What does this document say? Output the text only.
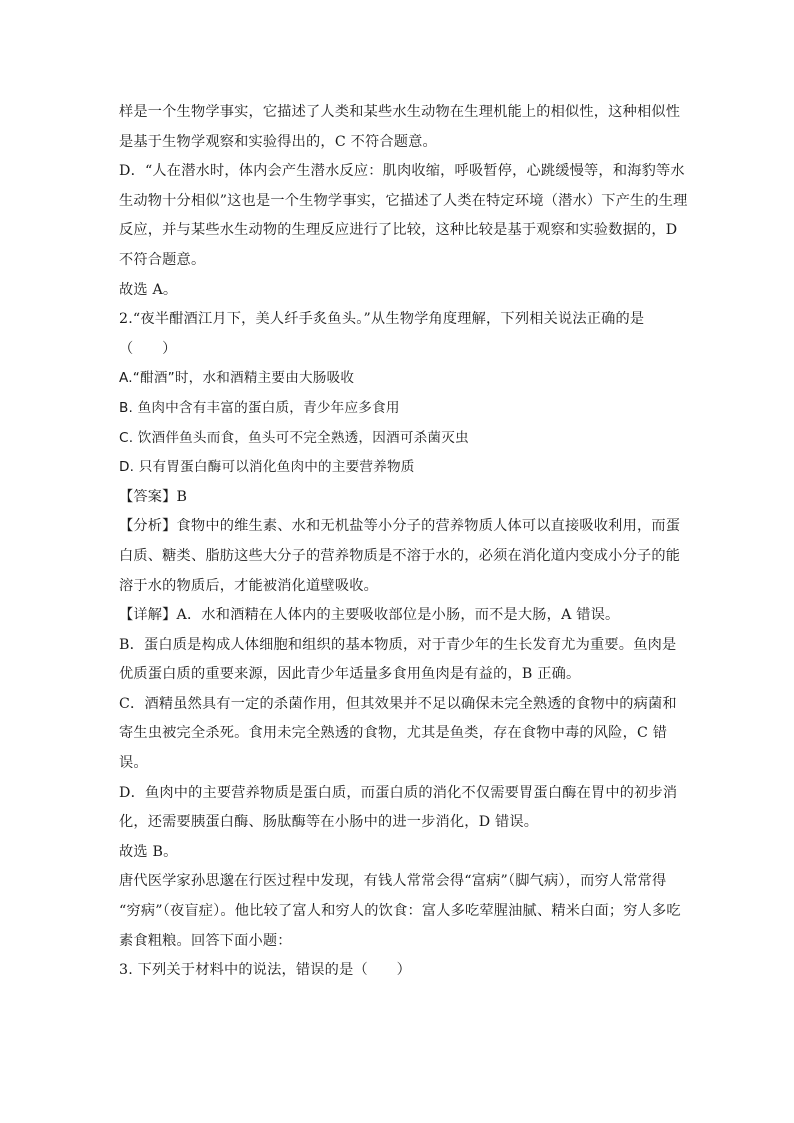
样是一个生物学事实，它描述了人类和某些水生动物在生理机能上的相似性，这种相似性
是基于生物学观察和实验得出的，C 不符合题意。
D．“人在潜水时，体内会产生潜水反应：肌肉收缩，呼吸暂停，心跳缓慢等，和海豹等水
生动物十分相似”这也是一个生物学事实，它描述了人类在特定环境（潜水）下产生的生理
反应，并与某些水生动物的生理反应进行了比较，这种比较是基于观察和实验数据的，D
不符合题意。
故选 A。
2.“夜半酣酒江月下，美人纤手炙鱼头。”从生物学角度理解，下列相关说法正确的是
（　　）
A.“酣酒”时，水和酒精主要由大肠吸收
B. 鱼肉中含有丰富的蛋白质，青少年应多食用
C. 饮酒伴鱼头而食，鱼头可不完全熟透，因酒可杀菌灭虫
D. 只有胃蛋白酶可以消化鱼肉中的主要营养物质
【答案】B
【分析】食物中的维生素、水和无机盐等小分子的营养物质人体可以直接吸收利用，而蛋
白质、糖类、脂肪这些大分子的营养物质是不溶于水的，必须在消化道内变成小分子的能
溶于水的物质后，才能被消化道壁吸收。
【详解】A．水和酒精在人体内的主要吸收部位是小肠，而不是大肠，A 错误。
B．蛋白质是构成人体细胞和组织的基本物质，对于青少年的生长发育尤为重要。鱼肉是
优质蛋白质的重要来源，因此青少年适量多食用鱼肉是有益的，B 正确。
C．酒精虽然具有一定的杀菌作用，但其效果并不足以确保未完全熟透的食物中的病菌和
寄生虫被完全杀死。食用未完全熟透的食物，尤其是鱼类，存在食物中毒的风险，C 错
误。
D．鱼肉中的主要营养物质是蛋白质，而蛋白质的消化不仅需要胃蛋白酶在胃中的初步消
化，还需要胰蛋白酶、肠肽酶等在小肠中的进一步消化，D 错误。
故选 B。
唐代医学家孙思邈在行医过程中发现，有钱人常常会得“富病”（脚气病），而穷人常常得
“穷病”（夜盲症）。他比较了富人和穷人的饮食：富人多吃荤腥油腻、精米白面；穷人多吃
素食粗粮。回答下面小题：
3. 下列关于材料中的说法，错误的是（　　）
